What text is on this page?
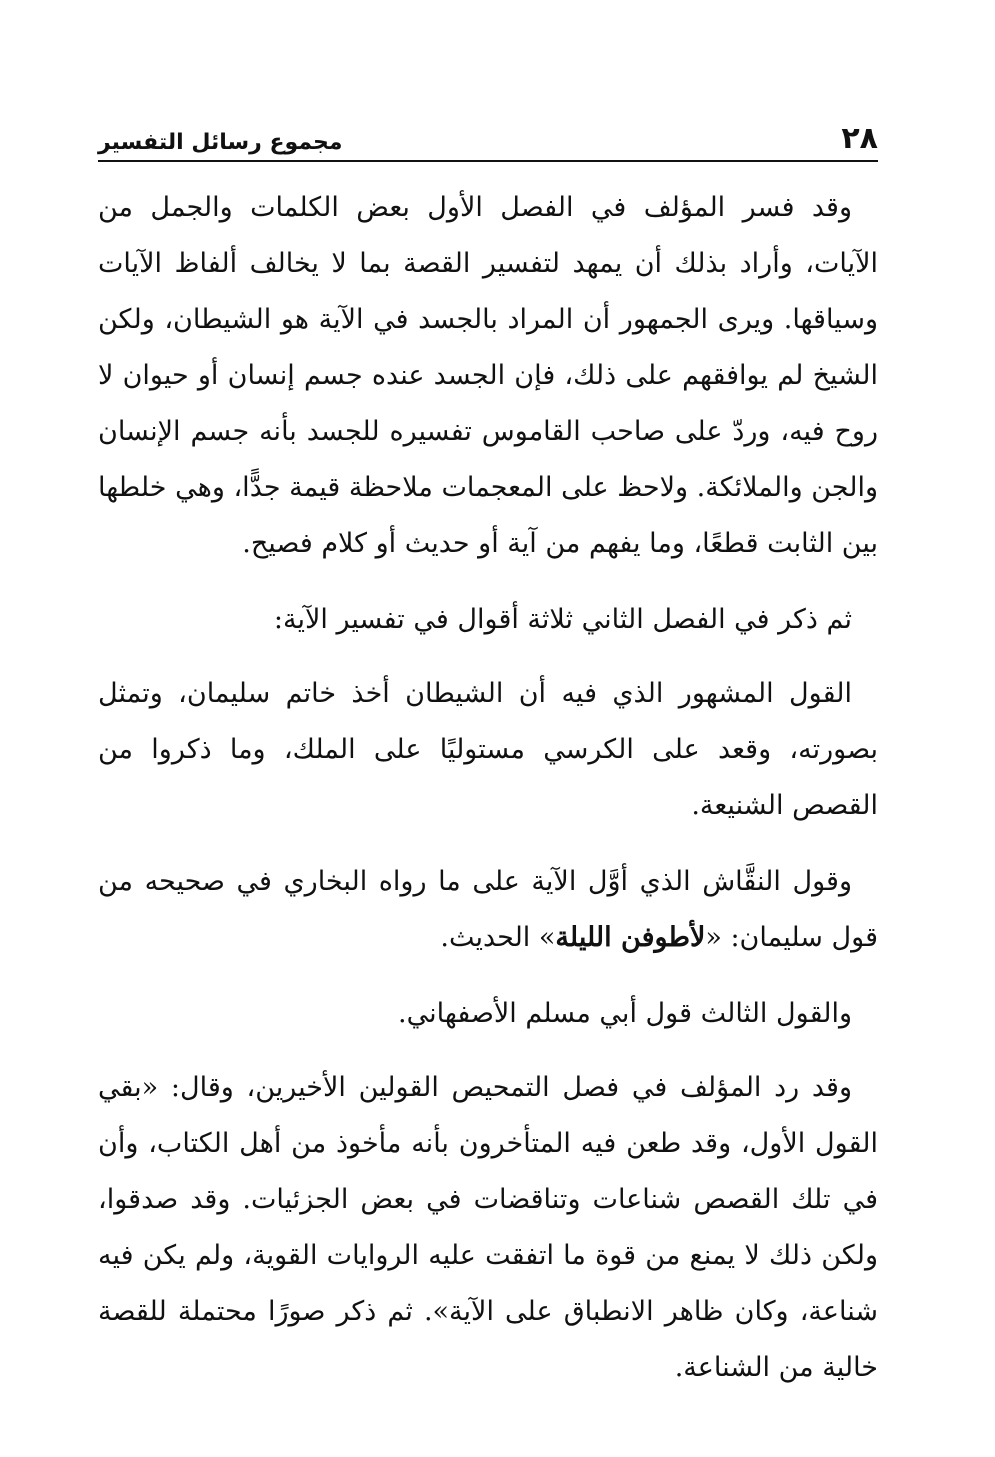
٢٨
مجموع رسائل التفسير

وقد فسر المؤلف في الفصل الأول بعض الكلمات والجمل من الآيات، وأراد بذلك أن يمهد لتفسير القصة بما لا يخالف ألفاظ الآيات وسياقها. ويرى الجمهور أن المراد بالجسد في الآية هو الشيطان، ولكن الشيخ لم يوافقهم على ذلك، فإن الجسد عنده جسم إنسان أو حيوان لا روح فيه، وردّ على صاحب القاموس تفسيره للجسد بأنه جسم الإنسان والجن والملائكة. ولاحظ على المعجمات ملاحظة قيمة جدًّا، وهي خلطها بين الثابت قطعًا، وما يفهم من آية أو حديث أو كلام فصيح.

ثم ذكر في الفصل الثاني ثلاثة أقوال في تفسير الآية:

القول المشهور الذي فيه أن الشيطان أخذ خاتم سليمان، وتمثل بصورته، وقعد على الكرسي مستوليًا على الملك، وما ذكروا من القصص الشنيعة.

وقول النقَّاش الذي أوَّل الآية على ما رواه البخاري في صحيحه من قول سليمان: «لأطوفن الليلة» الحديث.

والقول الثالث قول أبي مسلم الأصفهاني.

وقد رد المؤلف في فصل التمحيص القولين الأخيرين، وقال: «بقي القول الأول، وقد طعن فيه المتأخرون بأنه مأخوذ من أهل الكتاب، وأن في تلك القصص شناعات وتناقضات في بعض الجزئيات. وقد صدقوا، ولكن ذلك لا يمنع من قوة ما اتفقت عليه الروايات القوية، ولم يكن فيه شناعة، وكان ظاهر الانطباق على الآية». ثم ذكر صورًا محتملة للقصة خالية من الشناعة.
